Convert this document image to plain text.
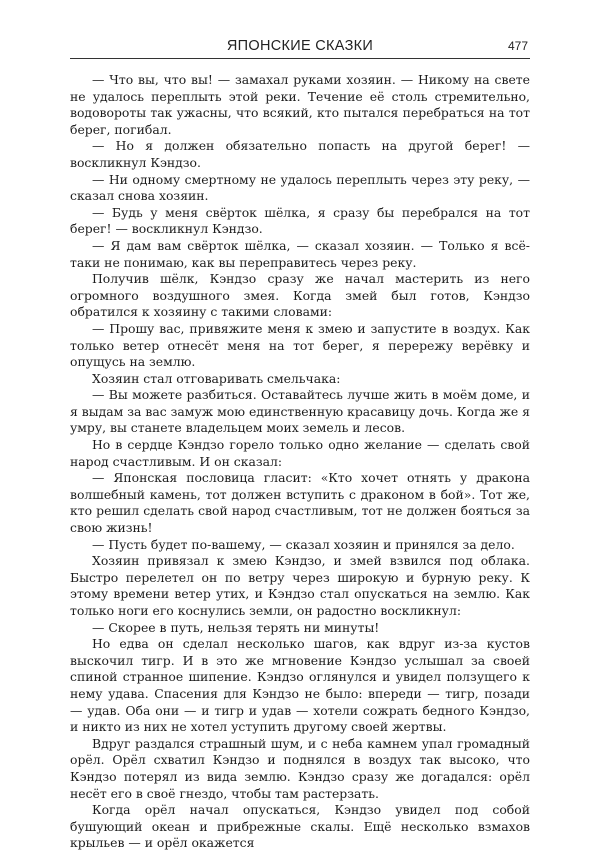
ЯПОНСКИЕ СКАЗКИ	477

— Что вы, что вы! — замахал руками хозяин. — Никому на свете не удалось переплыть этой реки. Течение её столь стремительно, водовороты так ужасны, что всякий, кто пытался перебраться на тот берег, погибал.

— Но я должен обязательно попасть на другой берег! — воскликнул Кэндзо.

— Ни одному смертному не удалось переплыть через эту реку, — сказал снова хозяин.

— Будь у меня свёрток шёлка, я сразу бы перебрался на тот берег! — воскликнул Кэндзо.

— Я дам вам свёрток шёлка, — сказал хозяин. — Только я всё-таки не понимаю, как вы переправитесь через реку.

Получив шёлк, Кэндзо сразу же начал мастерить из него огромного воздушного змея. Когда змей был готов, Кэндзо обратился к хозяину с такими словами:

— Прошу вас, привяжите меня к змею и запустите в воздух. Как только ветер отнесёт меня на тот берег, я перережу верёвку и опущусь на землю.

Хозяин стал отговаривать смельчака:

— Вы можете разбиться. Оставайтесь лучше жить в моём доме, и я выдам за вас замуж мою единственную красавицу дочь. Когда же я умру, вы станете владельцем моих земель и лесов.

Но в сердце Кэндзо горело только одно желание — сделать свой народ счастливым. И он сказал:

— Японская пословица гласит: «Кто хочет отнять у дракона волшебный камень, тот должен вступить с драконом в бой». Тот же, кто решил сделать свой народ счастливым, тот не должен бояться за свою жизнь!

— Пусть будет по-вашему, — сказал хозяин и принялся за дело.

Хозяин привязал к змею Кэндзо, и змей взвился под облака. Быстро перелетел он по ветру через широкую и бурную реку. К этому времени ветер утих, и Кэндзо стал опускаться на землю. Как только ноги его коснулись земли, он радостно воскликнул:

— Скорее в путь, нельзя терять ни минуты!

Но едва он сделал несколько шагов, как вдруг из-за кустов выскочил тигр. И в это же мгновение Кэндзо услышал за своей спиной странное шипение. Кэндзо оглянулся и увидел ползущего к нему удава. Спасения для Кэндзо не было: впереди — тигр, позади — удав. Оба они — и тигр и удав — хотели сожрать бедного Кэндзо, и никто из них не хотел уступить другому своей жертвы.

Вдруг раздался страшный шум, и с неба камнем упал громадный орёл. Орёл схватил Кэндзо и поднялся в воздух так высоко, что Кэндзо потерял из вида землю. Кэндзо сразу же догадался: орёл несёт его в своё гнездо, чтобы там растерзать.

Когда орёл начал опускаться, Кэндзо увидел под собой бушующий океан и прибрежные скалы. Ещё несколько взмахов крыльев — и орёл окажется
